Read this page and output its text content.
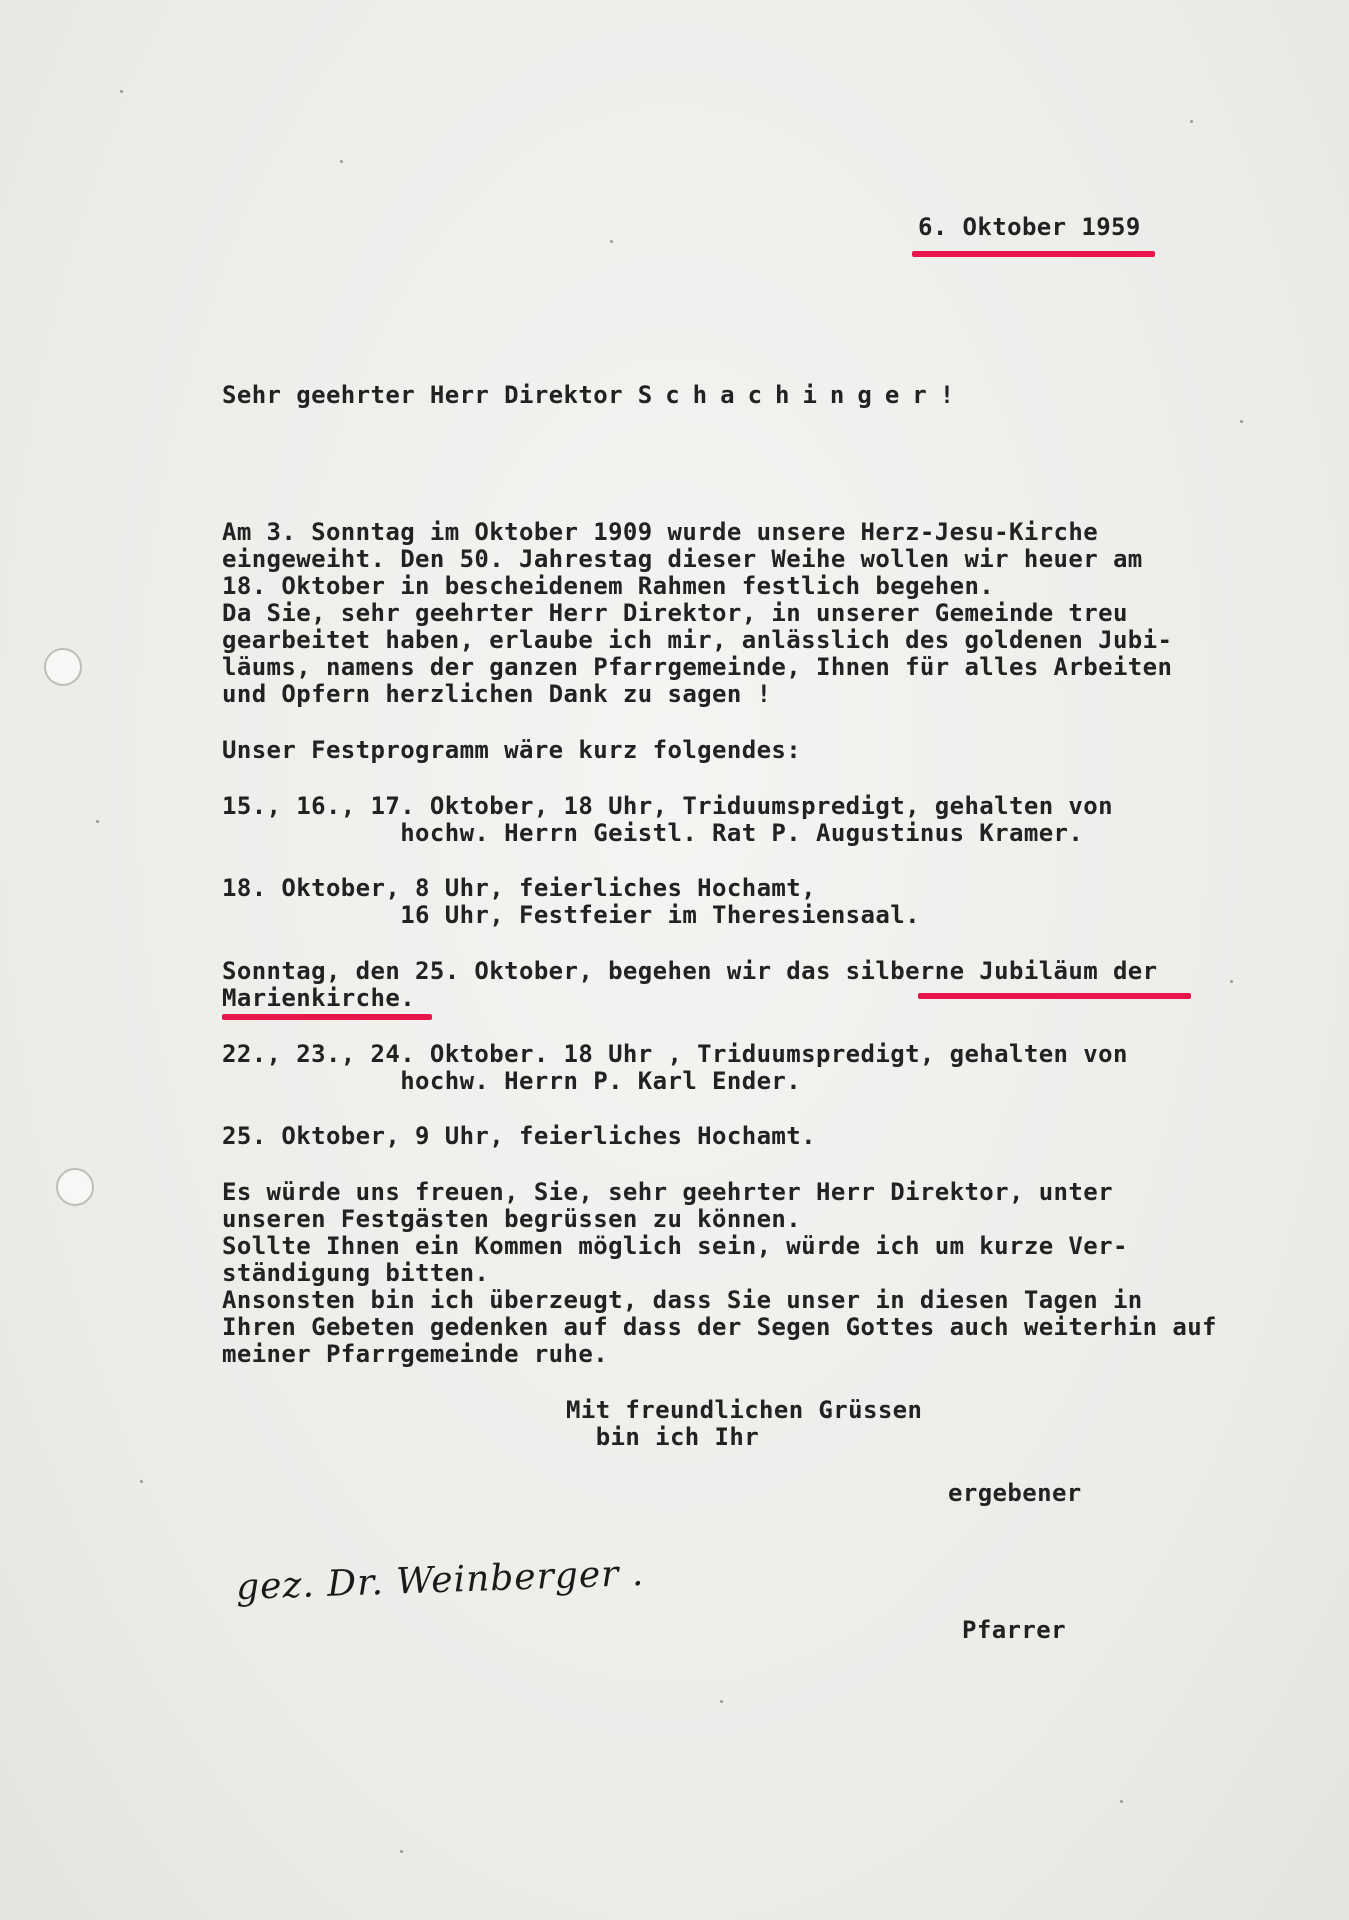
6. Oktober 1959
Sehr geehrter Herr Direktor Schachinger!
Am 3. Sonntag im Oktober 1909 wurde unsere Herz-Jesu-Kirche
eingeweiht. Den 50. Jahrestag dieser Weihe wollen wir heuer am
18. Oktober in bescheidenem Rahmen festlich begehen.
Da Sie, sehr geehrter Herr Direktor, in unserer Gemeinde treu
gearbeitet haben, erlaube ich mir, anlässlich des goldenen Jubi-
läums, namens der ganzen Pfarrgemeinde, Ihnen für alles Arbeiten
und Opfern herzlichen Dank zu sagen !
Unser Festprogramm wäre kurz folgendes:
15., 16., 17. Oktober, 18 Uhr, Triduumspredigt, gehalten von
hochw. Herrn Geistl. Rat P. Augustinus Kramer.
18. Oktober, 8 Uhr, feierliches Hochamt,
16 Uhr, Festfeier im Theresiensaal.
Sonntag, den 25. Oktober, begehen wir das silberne Jubiläum der
Marienkirche.
22., 23., 24. Oktober. 18 Uhr , Triduumspredigt, gehalten von
hochw. Herrn P. Karl Ender.
25. Oktober, 9 Uhr, feierliches Hochamt.
Es würde uns freuen, Sie, sehr geehrter Herr Direktor, unter
unseren Festgästen begrüssen zu können.
Sollte Ihnen ein Kommen möglich sein, würde ich um kurze Ver-
ständigung bitten.
Ansonsten bin ich überzeugt, dass Sie unser in diesen Tagen in
Ihren Gebeten gedenken auf dass der Segen Gottes auch weiterhin auf
meiner Pfarrgemeinde ruhe.
Mit freundlichen Grüssen
bin ich Ihr
ergebener
gez. Dr. Weinberger .
Pfarrer
